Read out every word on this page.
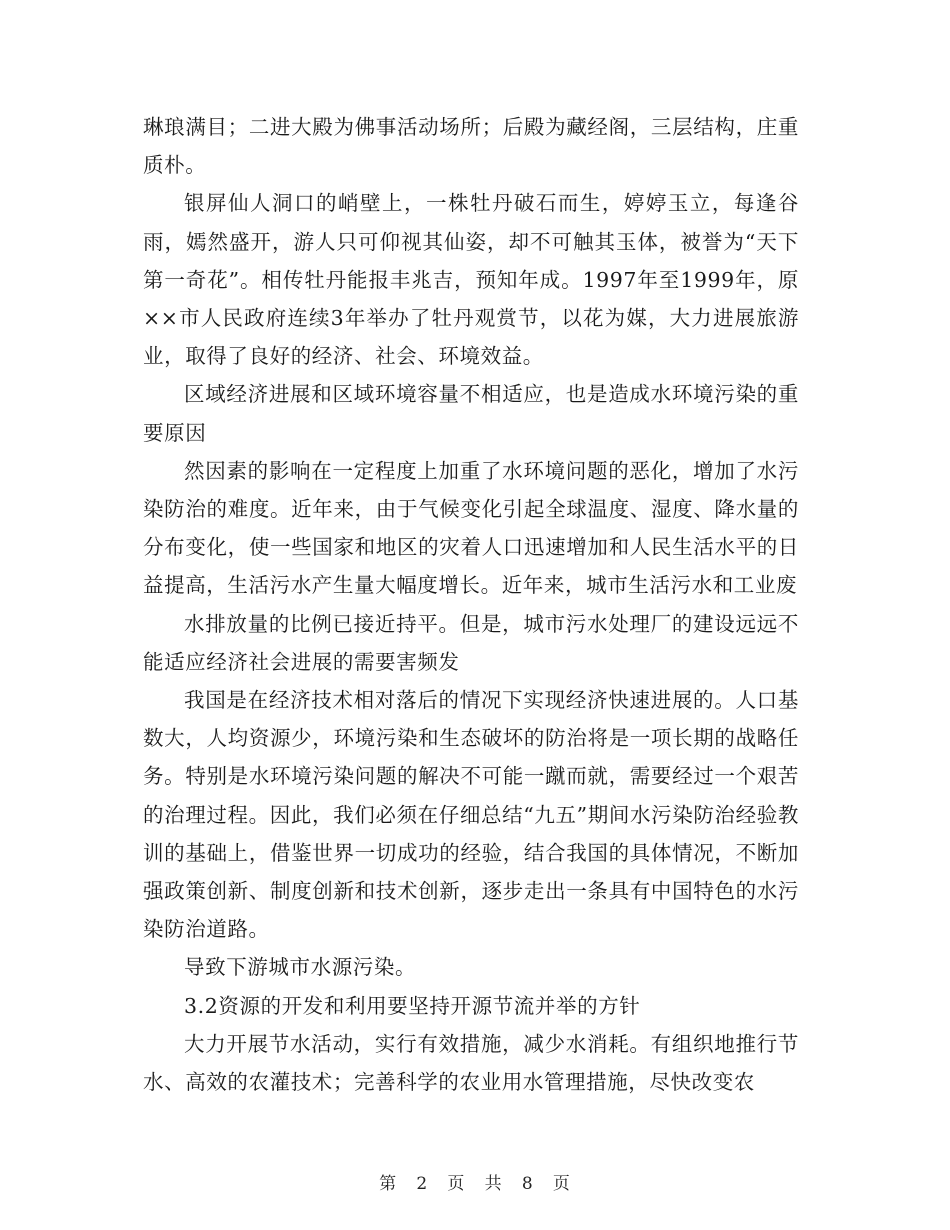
琳琅满目；二进大殿为佛事活动场所；后殿为藏经阁，三层结构，庄重质朴。

银屏仙人洞口的峭壁上，一株牡丹破石而生，婷婷玉立，每逢谷雨，嫣然盛开，游人只可仰视其仙姿，却不可触其玉体，被誉为“天下第一奇花”。相传牡丹能报丰兆吉，预知年成。1997年至1999年，原××市人民政府连续3年举办了牡丹观赏节，以花为媒，大力进展旅游业，取得了良好的经济、社会、环境效益。

区域经济进展和区域环境容量不相适应，也是造成水环境污染的重要原因

然因素的影响在一定程度上加重了水环境问题的恶化，增加了水污染防治的难度。近年来，由于气候变化引起全球温度、湿度、降水量的分布变化，使一些国家和地区的灾着人口迅速增加和人民生活水平的日益提高，生活污水产生量大幅度增长。近年来，城市生活污水和工业废

水排放量的比例已接近持平。但是，城市污水处理厂的建设远远不能适应经济社会进展的需要害频发

我国是在经济技术相对落后的情况下实现经济快速进展的。人口基数大，人均资源少，环境污染和生态破坏的防治将是一项长期的战略任务。特别是水环境污染问题的解决不可能一蹴而就，需要经过一个艰苦的治理过程。因此，我们必须在仔细总结“九五”期间水污染防治经验教训的基础上，借鉴世界一切成功的经验，结合我国的具体情况，不断加强政策创新、制度创新和技术创新，逐步走出一条具有中国特色的水污染防治道路。

导致下游城市水源污染。

3.2资源的开发和利用要坚持开源节流并举的方针

大力开展节水活动，实行有效措施，减少水消耗。有组织地推行节水、高效的农灌技术；完善科学的农业用水管理措施，尽快改变农

第 2 页 共 8 页
